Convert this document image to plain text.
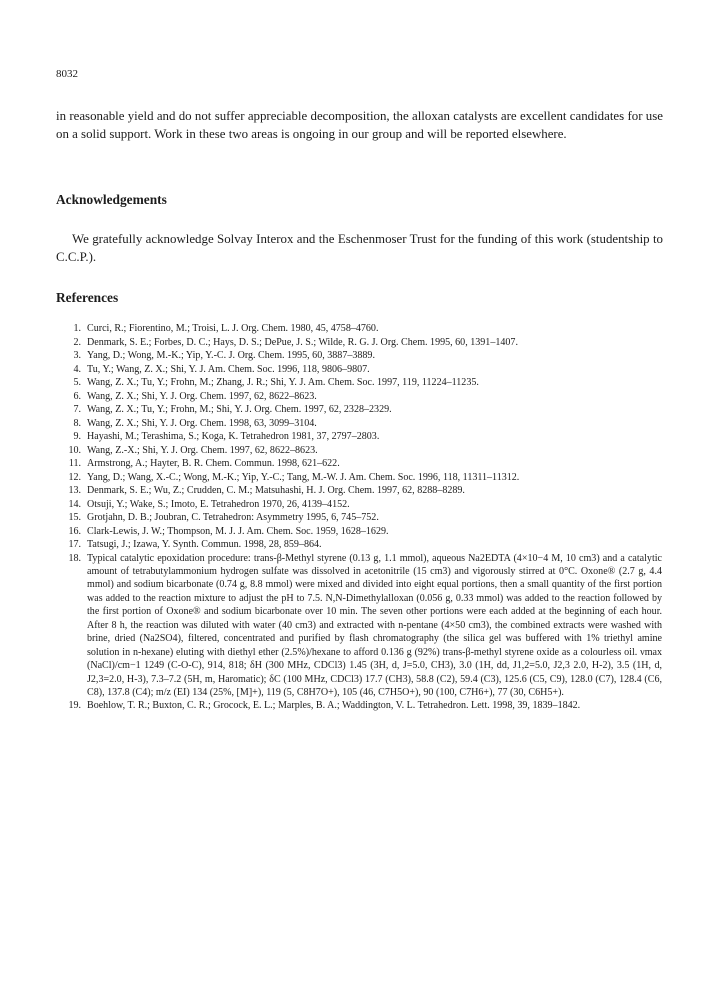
8032

in reasonable yield and do not suffer appreciable decomposition, the alloxan catalysts are excellent candidates for use on a solid support. Work in these two areas is ongoing in our group and will be reported elsewhere.

Acknowledgements

We gratefully acknowledge Solvay Interox and the Eschenmoser Trust for the funding of this work (studentship to C.C.P.).

References
1. Curci, R.; Fiorentino, M.; Troisi, L. J. Org. Chem. 1980, 45, 4758–4760.
2. Denmark, S. E.; Forbes, D. C.; Hays, D. S.; DePue, J. S.; Wilde, R. G. J. Org. Chem. 1995, 60, 1391–1407.
3. Yang, D.; Wong, M.-K.; Yip, Y.-C. J. Org. Chem. 1995, 60, 3887–3889.
4. Tu, Y.; Wang, Z. X.; Shi, Y. J. Am. Chem. Soc. 1996, 118, 9806–9807.
5. Wang, Z. X.; Tu, Y.; Frohn, M.; Zhang, J. R.; Shi, Y. J. Am. Chem. Soc. 1997, 119, 11224–11235.
6. Wang, Z. X.; Shi, Y. J. Org. Chem. 1997, 62, 8622–8623.
7. Wang, Z. X.; Tu, Y.; Frohn, M.; Shi, Y. J. Org. Chem. 1997, 62, 2328–2329.
8. Wang, Z. X.; Shi, Y. J. Org. Chem. 1998, 63, 3099–3104.
9. Hayashi, M.; Terashima, S.; Koga, K. Tetrahedron 1981, 37, 2797–2803.
10. Wang, Z.-X.; Shi, Y. J. Org. Chem. 1997, 62, 8622–8623.
11. Armstrong, A.; Hayter, B. R. Chem. Commun. 1998, 621–622.
12. Yang, D.; Wang, X.-C.; Wong, M.-K.; Yip, Y.-C.; Tang, M.-W. J. Am. Chem. Soc. 1996, 118, 11311–11312.
13. Denmark, S. E.; Wu, Z.; Crudden, C. M.; Matsuhashi, H. J. Org. Chem. 1997, 62, 8288–8289.
14. Otsuji, Y.; Wake, S.; Imoto, E. Tetrahedron 1970, 26, 4139–4152.
15. Grotjahn, D. B.; Joubran, C. Tetrahedron: Asymmetry 1995, 6, 745–752.
16. Clark-Lewis, J. W.; Thompson, M. J. J. Am. Chem. Soc. 1959, 1628–1629.
17. Tatsugi, J.; Izawa, Y. Synth. Commun. 1998, 28, 859–864.
18. Typical catalytic epoxidation procedure: trans-β-Methyl styrene (0.13 g, 1.1 mmol), aqueous Na2EDTA (4×10−4 M, 10 cm3) and a catalytic amount of tetrabutylammonium hydrogen sulfate was dissolved in acetonitrile (15 cm3) and vigorously stirred at 0°C. Oxone® (2.7 g, 4.4 mmol) and sodium bicarbonate (0.74 g, 8.8 mmol) were mixed and divided into eight equal portions, then a small quantity of the first portion was added to the reaction mixture to adjust the pH to 7.5. N,N-Dimethylalloxan (0.056 g, 0.33 mmol) was added to the reaction followed by the first portion of Oxone® and sodium bicarbonate over 10 min. The seven other portions were each added at the beginning of each hour. After 8 h, the reaction was diluted with water (40 cm3) and extracted with n-pentane (4×50 cm3), the combined extracts were washed with brine, dried (Na2SO4), filtered, concentrated and purified by flash chromatography (the silica gel was buffered with 1% triethyl amine solution in n-hexane) eluting with diethyl ether (2.5%)/hexane to afford 0.136 g (92%) trans-β-methyl styrene oxide as a colourless oil. νmax (NaCl)/cm−1 1249 (C-O-C), 914, 818; δH (300 MHz, CDCl3) 1.45 (3H, d, J=5.0, CH3), 3.0 (1H, dd, J1,2=5.0, J2,3 2.0, H-2), 3.5 (1H, d, J2,3=2.0, H-3), 7.3–7.2 (5H, m, Haromatic); δC (100 MHz, CDCl3) 17.7 (CH3), 58.8 (C2), 59.4 (C3), 125.6 (C5, C9), 128.0 (C7), 128.4 (C6, C8), 137.8 (C4); m/z (EI) 134 (25%, [M]+), 119 (5, C8H7O+), 105 (46, C7H5O+), 90 (100, C7H6+), 77 (30, C6H5+).
19. Boehlow, T. R.; Buxton, C. R.; Grocock, E. L.; Marples, B. A.; Waddington, V. L. Tetrahedron. Lett. 1998, 39, 1839–1842.
